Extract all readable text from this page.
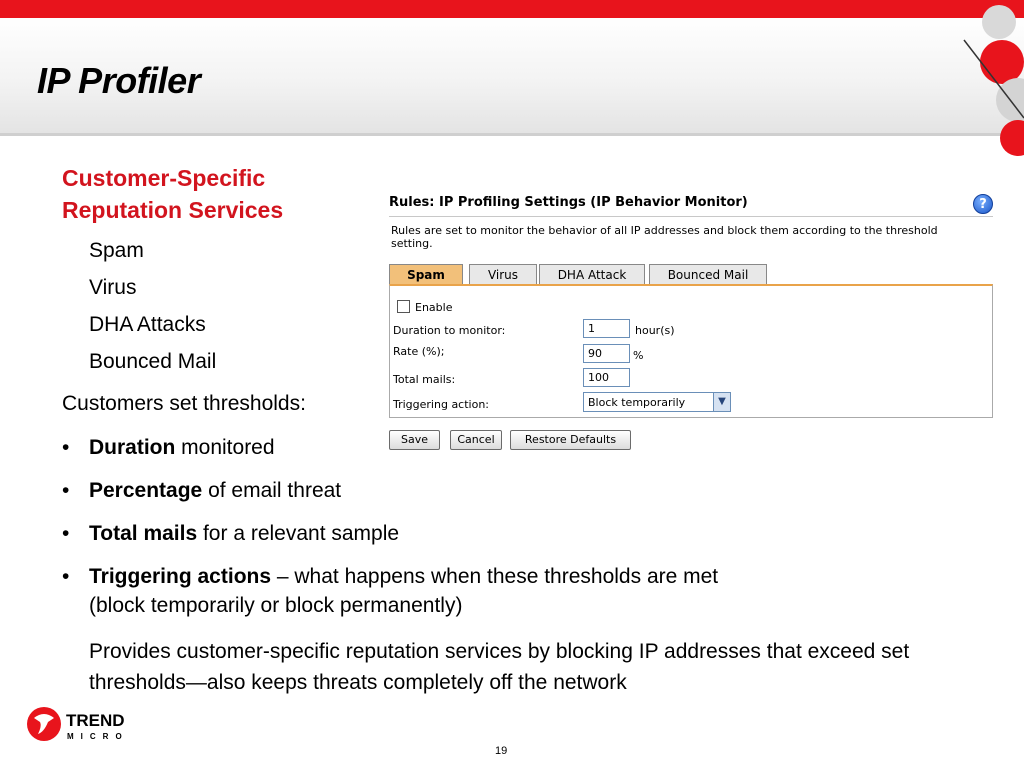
IP Profiler
Customer-Specific
Reputation Services
Spam
Virus
DHA Attacks
Bounced Mail
Customers set thresholds:
• Duration monitored
• Percentage of email threat
• Total mails for a relevant sample
• Triggering actions – what happens when these thresholds are met
(block temporarily or block permanently)
Provides customer-specific reputation services by blocking IP addresses that exceed set thresholds—also keeps threats completely off the network
Rules: IP Profiling Settings (IP Behavior Monitor)	?
Rules are set to monitor the behavior of all IP addresses and block them according to the threshold setting.
Spam	Virus	DHA Attack	Bounced Mail
Enable
Duration to monitor:	1	hour(s)
Rate (%);	90	%
Total mails:	100
Triggering action:	Block temporarily	▼
Save	Cancel	Restore Defaults
TREND
MICRO
19
